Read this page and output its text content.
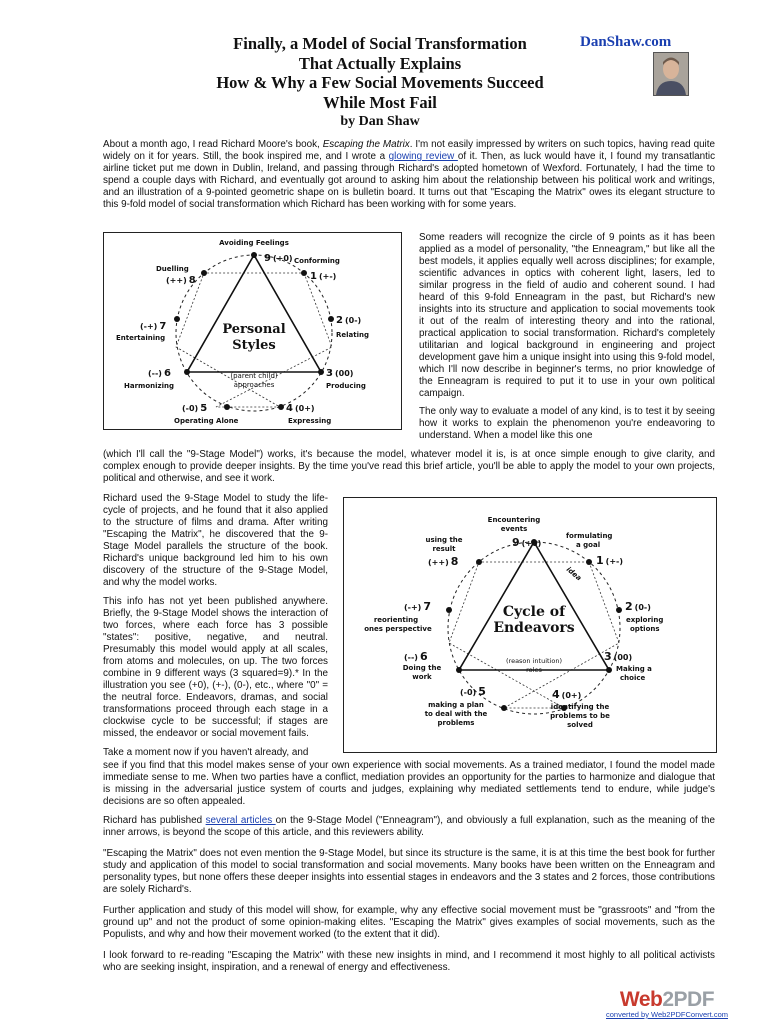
Finally, a Model of Social Transformation
That Actually Explains
How & Why a Few Social Movements Succeed
While Most Fail
DanShaw.com
by Dan Shaw

About a month ago, I read Richard Moore's book, Escaping the Matrix. I'm not easily impressed by writers on such topics, having read quite widely on it for years. Still, the book inspired me, and I wrote a glowing review of it. Then, as luck would have it, I found my transatlantic airline ticket put me down in Dublin, Ireland, and passing through Richard's adopted hometown of Wexford. Fortunately, I had the time to spend a couple days with Richard, and eventually got around to asking him about the relationship between his political work and writings, and an illustration of a 9-pointed geometric shape on is bulletin board. It turns out that "Escaping the Matrix" owes its elegant structure to this 9-fold model of social transformation which Richard has been working with for some years.

Personal
Styles
(parent child)
approaches
Avoiding Feelings
9 (+0) Conforming
1 (+-)
2 (0-)
Relating
3 (00)
Producing
4 (0+)
Expressing
(-0) 5
Operating Alone
(--) 6
Harmonizing
(-+) 7
Entertaining
Duelling
(++) 8

Some readers will recognize the circle of 9 points as it has been applied as a model of personality, "the Enneagram," but like all the best models, it applies equally well across disciplines; for example, scientific advances in optics with coherent light, lasers, led to similar progress in the field of audio and coherent sound. I had heard of this 9-fold Enneagram in the past, but Richard's new insights into its structure and application to social movements took it out of the realm of interesting theory and into the rational, practical application to social transformation. Richard's completely utilitarian and logical background in engineering and project development gave him a unique insight into using this 9-fold model, which I'll now describe in beginner's terms, no prior knowledge of the Enneagram is required to put it to use in your own political campaign.

The only way to evaluate a model of any kind, is to test it by seeing how it works to explain the phenomenon you're endeavoring to understand. When a model like this one

(which I'll call the "9-Stage Model") works, it's because the model, whatever model it is, is at once simple enough to give clarity, and complex enough to provide deeper insights. By the time you've read this brief article, you'll be able to apply the model to your own projects, political and otherwise, and see it work.

Richard used the 9-Stage Model to study the life-cycle of projects, and he found that it also applied to the structure of films and drama. After writing "Escaping the Matrix", he discovered that the 9-Stage Model parallels the structure of the book. Richard's unique background led him to his own discovery of the structure of the 9-Stage Model, and why the model works.

This info has not yet been published anywhere. Briefly, the 9-Stage Model shows the interaction of two forces, where each force has 3 possible "states": positive, negative, and neutral. Presumably this model would apply at all scales, from atoms and molecules, on up. The two forces combine in 9 different ways (3 squared=9).* In the illustration you see (+0), (+-), (0-), etc., where "0" = the neutral force. Endeavors, dramas, and social transformations proceed through each stage in a clockwise cycle to be successful; if stages are missed, the endeavor or social movement fails.

Take a moment now if you haven't already, and

Cycle of
Endeavors
(reason intuition)
roles
idea
Encountering
events
9 (+0)
formulating
a goal
1 (+-)
2 (0-)
exploring
options
3 (00)
Making a
choice
4 (0+)
identifying the
problems to be
solved
(-0) 5
making a plan
to deal with the
problems
(--) 6
Doing the
work
(-+) 7
reorienting
ones perspective
using the
result
(++) 8

see if you find that this model makes sense of your own experience with social movements. As a trained mediator, I found the model made immediate sense to me. When two parties have a conflict, mediation provides an opportunity for the parties to harmonize and dialogue that is missing in the adversarial justice system of courts and judges, explaining why mediated settlements tend to endure, while judge's decisions are so often appealed.

Richard has published several articles on the 9-Stage Model ("Enneagram"), and obviously a full explanation, such as the meaning of the inner arrows, is beyond the scope of this article, and this reviewers ability.

"Escaping the Matrix" does not even mention the 9-Stage Model, but since its structure is the same, it is at this time the best book for further study and application of this model to social transformation and social movements. Many books have been written on the Enneagram and personality types, but none offers these deeper insights into essential stages in endeavors and the 3 states and 2 forces, those contributions are solely Richard's.

Further application and study of this model will show, for example, why any effective social movement must be "grassroots" and "from the ground up" and not the product of some opinion-making elites. "Escaping the Matrix" gives examples of social movements, such as the Populists, and why and how their movement worked (to the extent that it did).

I look forward to re-reading "Escaping the Matrix" with these new insights in mind, and I recommend it most highly to all political activists who are seeking insight, inspiration, and a renewal of energy and effectiveness.

Web2PDF
converted by Web2PDFConvert.com
